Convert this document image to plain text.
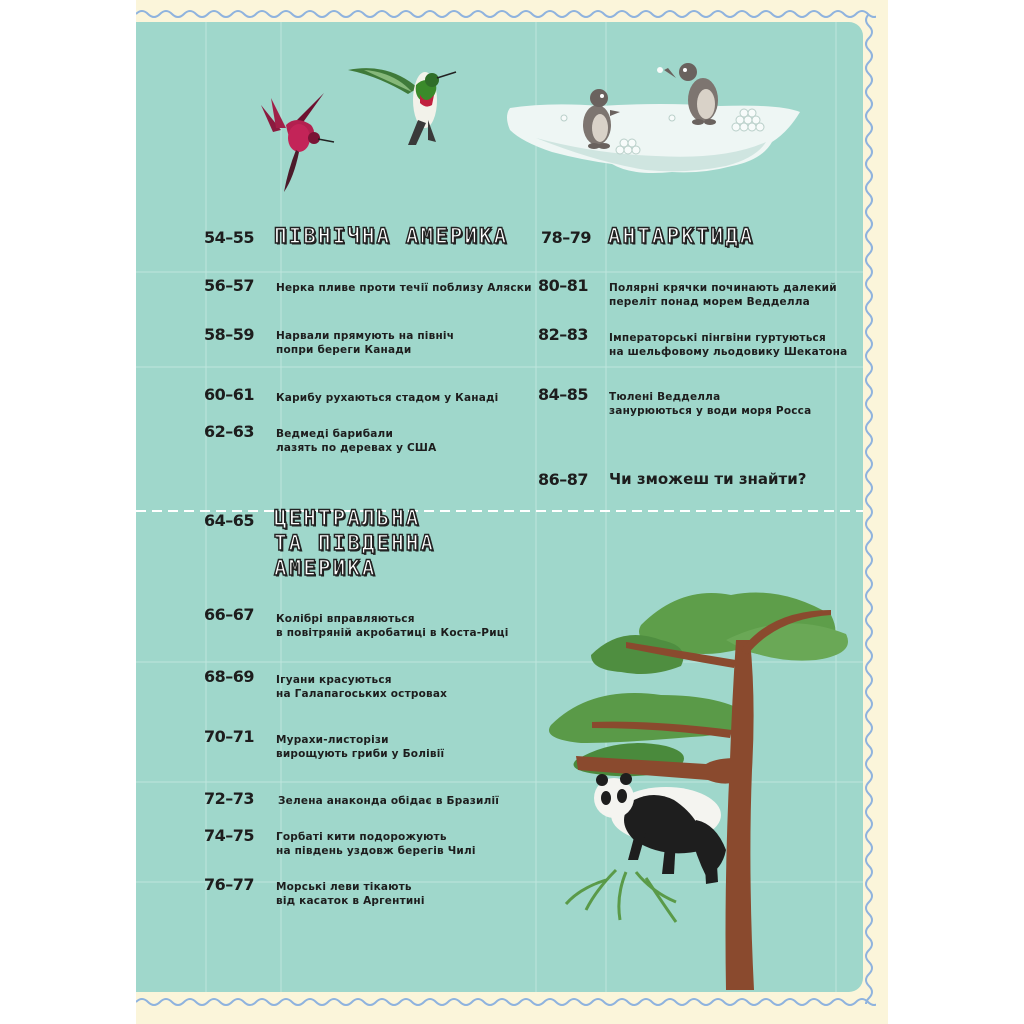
54–55 ПІВНІЧНА АМЕРИКА
56–57 Нерка пливе проти течії поблизу Аляски
58–59 Нарвали прямують на північ
попри береги Канади
60–61 Карибу рухаються стадом у Канаді
62–63 Ведмеді барибали
лазять по деревах у США
78–79 АНТАРКТИДА
80–81 Полярні крячки починають далекий
переліт понад морем Ведделла
82–83 Імператорські пінгвіни гуртуються
на шельфовому льодовику Шекатона
84–85 Тюлені Ведделла
занурюються у води моря Росса
86–87 Чи зможеш ти знайти?
64–65 ЦЕНТРАЛЬНА
ТА ПІВДЕННА
АМЕРИКА
66–67 Колібрі вправляються
в повітряній акробатиці в Коста-Риці
68–69 Ігуани красуються
на Галапагоських островах
70–71 Мурахи-листорізи
вирощують гриби у Болівії
72–73 Зелена анаконда обідає в Бразилії
74–75 Горбаті кити подорожують
на південь уздовж берегів Чилі
76–77 Морські леви тікають
від касаток в Аргентині
